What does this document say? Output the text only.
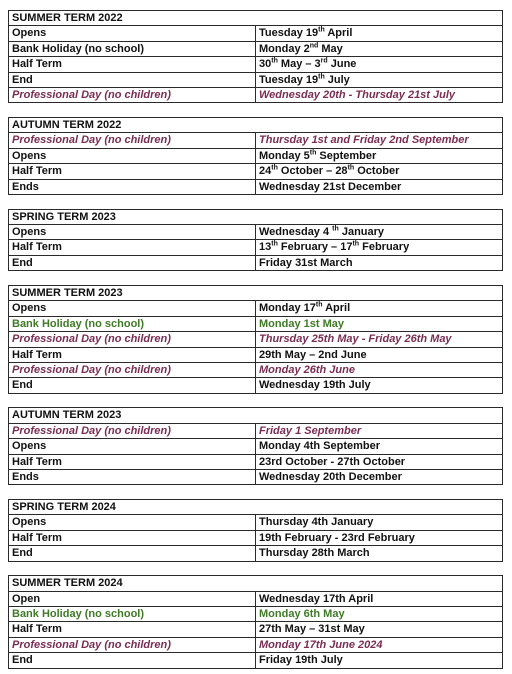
SUMMER TERM 2022	
Opens	Tuesday 19th April
Bank Holiday (no school)	Monday 2nd May
Half Term	30th May – 3rd June
End	Tuesday 19th July
Professional Day (no children)	Wednesday 20th - Thursday 21st July
AUTUMN TERM 2022	
Professional Day (no children)	Thursday 1st and Friday 2nd September
Opens	Monday 5th September
Half Term	24th October – 28th October
Ends	Wednesday 21st December
SPRING TERM 2023	
Opens	Wednesday 4 $^{th}$ January
Half Term	13th February – 17th February
End	Friday 31st March
SUMMER TERM 2023	
Opens	Monday 17th April
Bank Holiday (no school)	Monday 1st May
Professional Day (no children)	Thursday 25th May - Friday 26th May
Half Term	29th May – 2nd June
Professional Day (no children)	Monday 26th June
End	Wednesday 19th July
AUTUMN TERM 2023	
Professional Day (no children)	Friday 1 September
Opens	Monday 4th September
Half Term	23rd October - 27th October
Ends	Wednesday 20th December
SPRING TERM 2024	
Opens	Thursday 4th January
Half Term	19th February - 23rd February
End	Thursday 28th March
SUMMER TERM 2024	
Open	Wednesday 17th April
Bank Holiday (no school)	Monday 6th May
Half Term	27th May – 31st May
Professional Day (no children)	Monday 17th June 2024
End	Friday 19th July
